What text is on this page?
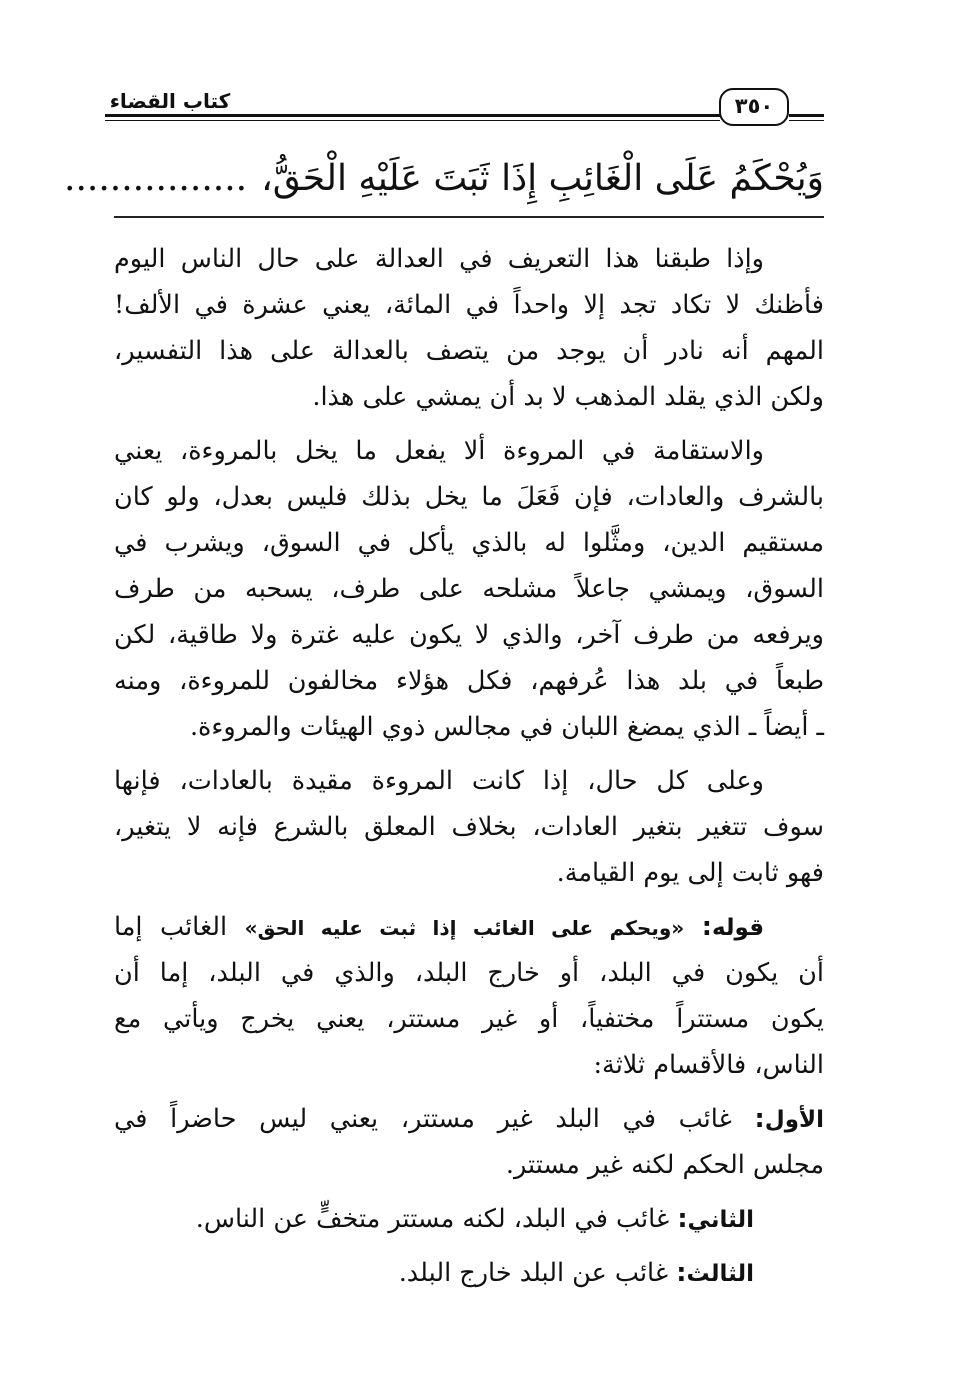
كتاب القضاء	٣٥٠
وَيُحْكَمُ عَلَى الْغَائِبِ إِذَا ثَبَتَ عَلَيْهِ الْحَقُّ،................
وإذا طبقنا هذا التعريف في العدالة على حال الناس اليوم
فأظنك لا تكاد تجد إلا واحداً في المائة، يعني عشرة في الألف!
المهم أنه نادر أن يوجد من يتصف بالعدالة على هذا التفسير،
ولكن الذي يقلد المذهب لا بد أن يمشي على هذا.
والاستقامة في المروءة ألا يفعل ما يخل بالمروءة، يعني
بالشرف والعادات، فإن فَعَلَ ما يخل بذلك فليس بعدل، ولو كان
مستقيم الدين، ومثَّلوا له بالذي يأكل في السوق، ويشرب في
السوق، ويمشي جاعلاً مشلحه على طرف، يسحبه من طرف
ويرفعه من طرف آخر، والذي لا يكون عليه غترة ولا طاقية، لكن
طبعاً في بلد هذا عُرفهم، فكل هؤلاء مخالفون للمروءة، ومنه
ـ أيضاً ـ الذي يمضغ اللبان في مجالس ذوي الهيئات والمروءة.
وعلى كل حال، إذا كانت المروءة مقيدة بالعادات، فإنها
سوف تتغير بتغير العادات، بخلاف المعلق بالشرع فإنه لا يتغير،
فهو ثابت إلى يوم القيامة.
قوله: «ويحكم على الغائب إذا ثبت عليه الحق» الغائب إما
أن يكون في البلد، أو خارج البلد، والذي في البلد، إما أن
يكون مستتراً مختفياً، أو غير مستتر، يعني يخرج ويأتي مع
الناس، فالأقسام ثلاثة:
الأول: غائب في البلد غير مستتر، يعني ليس حاضراً في
مجلس الحكم لكنه غير مستتر.
الثاني: غائب في البلد، لكنه مستتر متخفٍّ عن الناس.
الثالث: غائب عن البلد خارج البلد.
